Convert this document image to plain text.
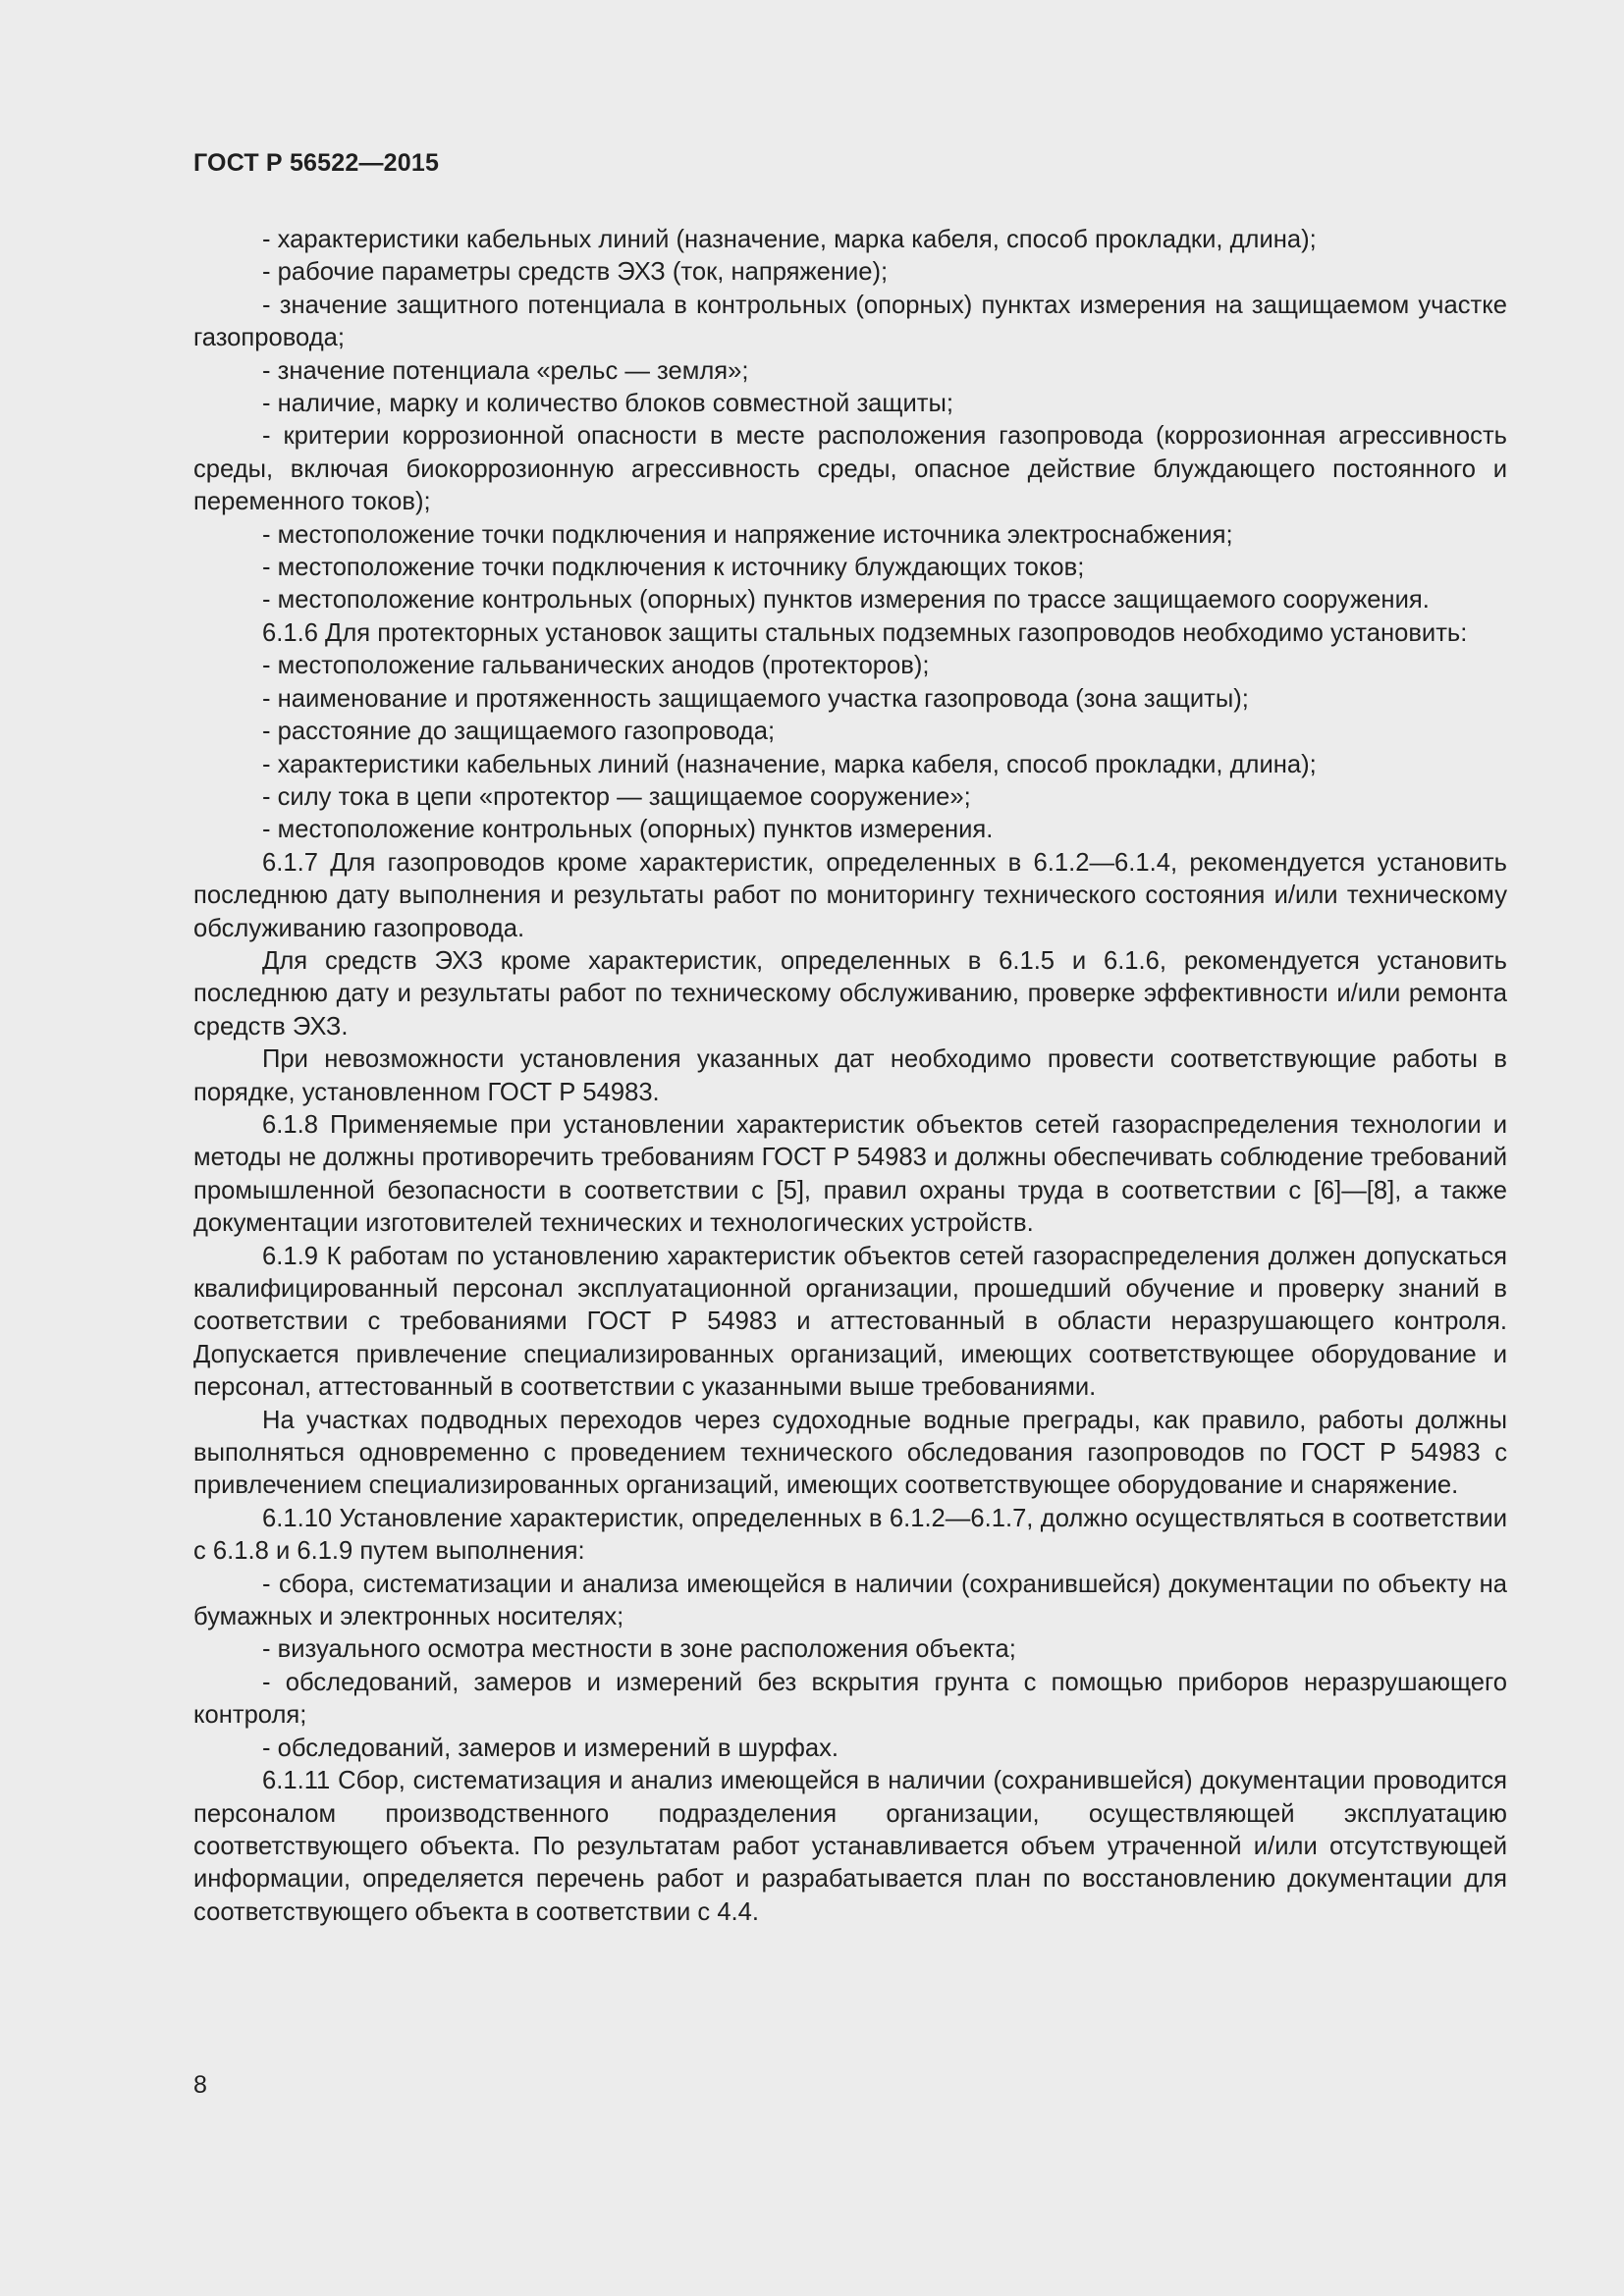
ГОСТ Р 56522—2015

- характеристики кабельных линий (назначение, марка кабеля, способ прокладки, длина);

- рабочие параметры средств ЭХЗ (ток, напряжение);

- значение защитного потенциала в контрольных (опорных) пунктах измерения на защищаемом участке газопровода;

- значение потенциала «рельс — земля»;

- наличие, марку и количество блоков совместной защиты;

- критерии коррозионной опасности в месте расположения газопровода (коррозионная агрессивность среды, включая биокоррозионную агрессивность среды, опасное действие блуждающего постоянного и переменного токов);

- местоположение точки подключения и напряжение источника электроснабжения;

- местоположение точки подключения к источнику блуждающих токов;

- местоположение контрольных (опорных) пунктов измерения по трассе защищаемого сооружения.

6.1.6 Для протекторных установок защиты стальных подземных газопроводов необходимо установить:

- местоположение гальванических анодов (протекторов);

- наименование и протяженность защищаемого участка газопровода (зона защиты);

- расстояние до защищаемого газопровода;

- характеристики кабельных линий (назначение, марка кабеля, способ прокладки, длина);

- силу тока в цепи «протектор — защищаемое сооружение»;

- местоположение контрольных (опорных) пунктов измерения.

6.1.7 Для газопроводов кроме характеристик, определенных в 6.1.2—6.1.4, рекомендуется установить последнюю дату выполнения и результаты работ по мониторингу технического состояния и/или техническому обслуживанию газопровода.

Для средств ЭХЗ кроме характеристик, определенных в 6.1.5 и 6.1.6, рекомендуется установить последнюю дату и результаты работ по техническому обслуживанию, проверке эффективности и/или ремонта средств ЭХЗ.

При невозможности установления указанных дат необходимо провести соответствующие работы в порядке, установленном ГОСТ Р 54983.

6.1.8 Применяемые при установлении характеристик объектов сетей газораспределения технологии и методы не должны противоречить требованиям ГОСТ Р 54983 и должны обеспечивать соблюдение требований промышленной безопасности в соответствии с [5], правил охраны труда в соответствии с [6]—[8], а также документации изготовителей технических и технологических устройств.

6.1.9 К работам по установлению характеристик объектов сетей газораспределения должен допускаться квалифицированный персонал эксплуатационной организации, прошедший обучение и проверку знаний в соответствии с требованиями ГОСТ Р 54983 и аттестованный в области неразрушающего контроля. Допускается привлечение специализированных организаций, имеющих соответствующее оборудование и персонал, аттестованный в соответствии с указанными выше требованиями.

На участках подводных переходов через судоходные водные преграды, как правило, работы должны выполняться одновременно с проведением технического обследования газопроводов по ГОСТ Р 54983 с привлечением специализированных организаций, имеющих соответствующее оборудование и снаряжение.

6.1.10 Установление характеристик, определенных в 6.1.2—6.1.7, должно осуществляться в соответствии с 6.1.8 и 6.1.9 путем выполнения:

- сбора, систематизации и анализа имеющейся в наличии (сохранившейся) документации по объекту на бумажных и электронных носителях;

- визуального осмотра местности в зоне расположения объекта;

- обследований, замеров и измерений без вскрытия грунта с помощью приборов неразрушающего контроля;

- обследований, замеров и измерений в шурфах.

6.1.11 Сбор, систематизация и анализ имеющейся в наличии (сохранившейся) документации проводится персоналом производственного подразделения организации, осуществляющей эксплуатацию соответствующего объекта. По результатам работ устанавливается объем утраченной и/или отсутствующей информации, определяется перечень работ и разрабатывается план по восстановлению документации для соответствующего объекта в соответствии с 4.4.

8
